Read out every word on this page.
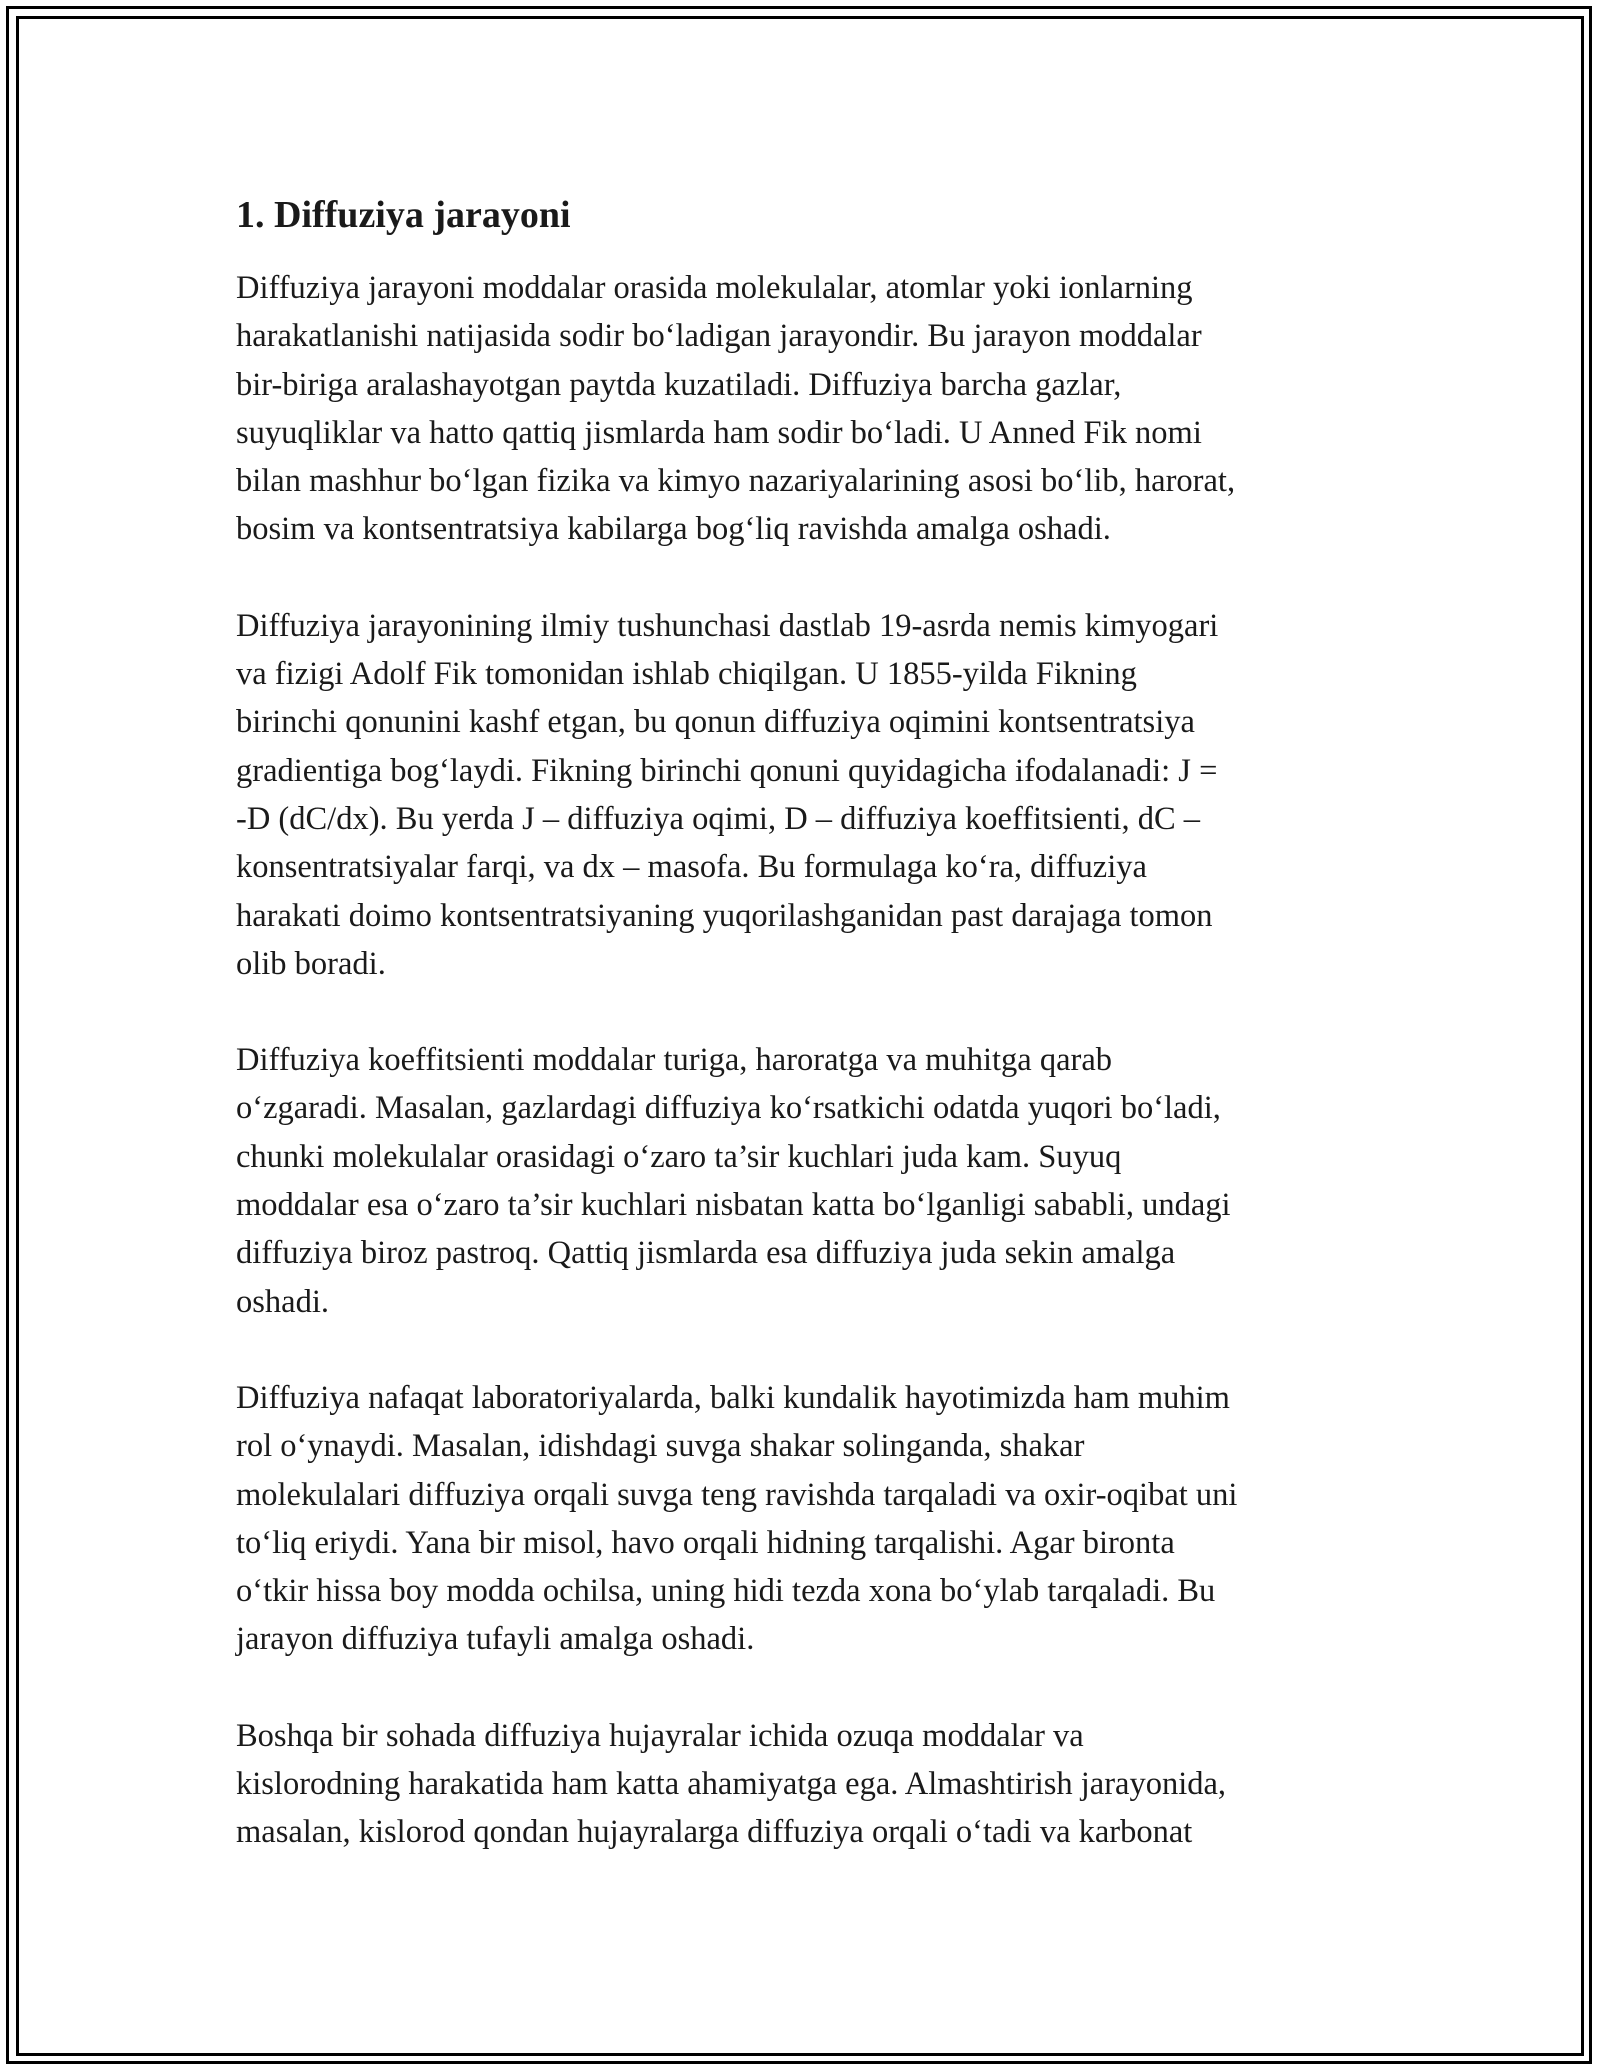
1. Diffuziya jarayoni
Diffuziya jarayoni moddalar orasida molekulalar, atomlar yoki ionlarning
harakatlanishi natijasida sodir bo‘ladigan jarayondir. Bu jarayon moddalar
bir-biriga aralashayotgan paytda kuzatiladi. Diffuziya barcha gazlar,
suyuqliklar va hatto qattiq jismlarda ham sodir bo‘ladi. U Anned Fik nomi
bilan mashhur bo‘lgan fizika va kimyo nazariyalarining asosi bo‘lib, harorat,
bosim va kontsentratsiya kabilarga bog‘liq ravishda amalga oshadi.
Diffuziya jarayonining ilmiy tushunchasi dastlab 19-asrda nemis kimyogari
va fizigi Adolf Fik tomonidan ishlab chiqilgan. U 1855-yilda Fikning
birinchi qonunini kashf etgan, bu qonun diffuziya oqimini kontsentratsiya
gradientiga bog‘laydi. Fikning birinchi qonuni quyidagicha ifodalanadi: J =
-D (dC/dx). Bu yerda J – diffuziya oqimi, D – diffuziya koeffitsienti, dC –
konsentratsiyalar farqi, va dx – masofa. Bu formulaga ko‘ra, diffuziya
harakati doimo kontsentratsiyaning yuqorilashganidan past darajaga tomon
olib boradi.
Diffuziya koeffitsienti moddalar turiga, haroratga va muhitga qarab
o‘zgaradi. Masalan, gazlardagi diffuziya ko‘rsatkichi odatda yuqori bo‘ladi,
chunki molekulalar orasidagi o‘zaro ta’sir kuchlari juda kam. Suyuq
moddalar esa o‘zaro ta’sir kuchlari nisbatan katta bo‘lganligi sababli, undagi
diffuziya biroz pastroq. Qattiq jismlarda esa diffuziya juda sekin amalga
oshadi.
Diffuziya nafaqat laboratoriyalarda, balki kundalik hayotimizda ham muhim
rol o‘ynaydi. Masalan, idishdagi suvga shakar solinganda, shakar
molekulalari diffuziya orqali suvga teng ravishda tarqaladi va oxir-oqibat uni
to‘liq eriydi. Yana bir misol, havo orqali hidning tarqalishi. Agar bironta
o‘tkir hissa boy modda ochilsa, uning hidi tezda xona bo‘ylab tarqaladi. Bu
jarayon diffuziya tufayli amalga oshadi.
Boshqa bir sohada diffuziya hujayralar ichida ozuqa moddalar va
kislorodning harakatida ham katta ahamiyatga ega. Almashtirish jarayonida,
masalan, kislorod qondan hujayralarga diffuziya orqali o‘tadi va karbonat
